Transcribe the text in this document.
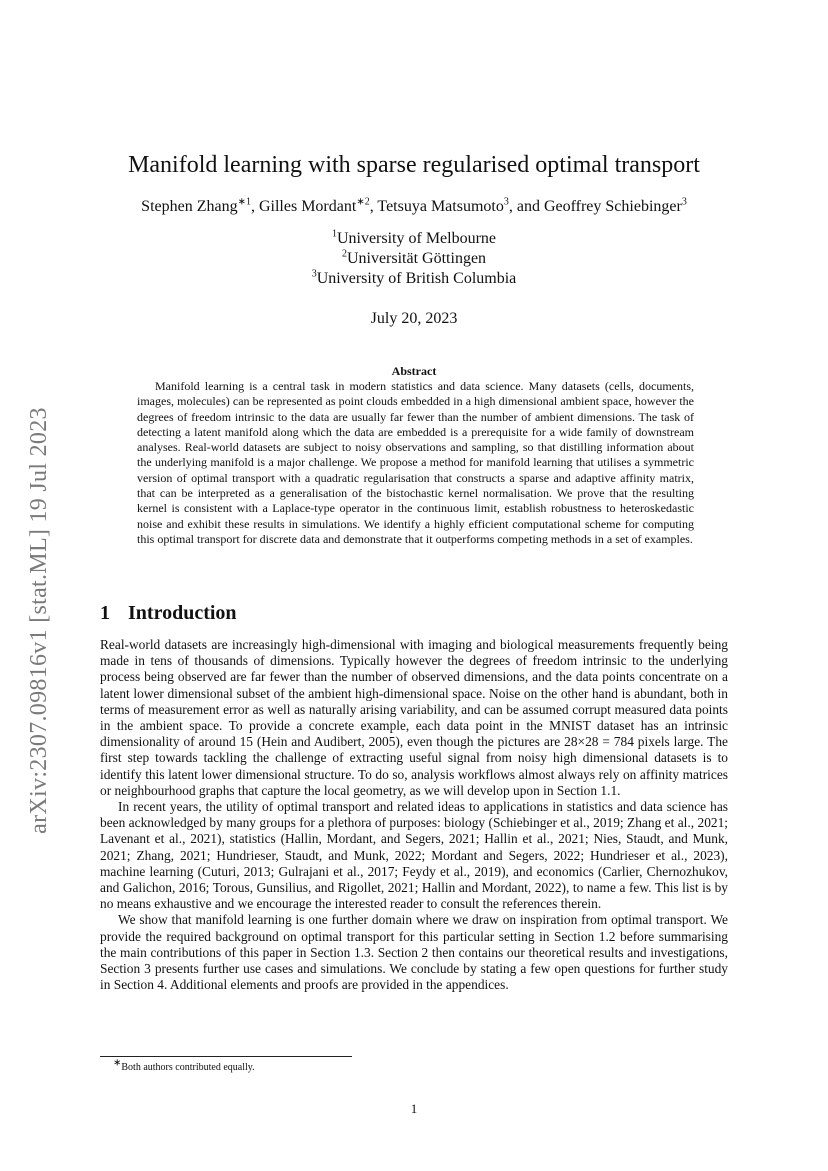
arXiv:2307.09816v1 [stat.ML] 19 Jul 2023
Manifold learning with sparse regularised optimal transport
Stephen Zhang$^{∗1}$, Gilles Mordant$^{∗2}$, Tetsuya Matsumoto$^3$, and Geoffrey Schiebinger$^3$
$^1$University of Melbourne
$^2$Universität Göttingen
$^3$University of British Columbia
July 20, 2023
Abstract

Manifold learning is a central task in modern statistics and data science. Many datasets (cells, documents, images, molecules) can be represented as point clouds embedded in a high dimensional ambient space, however the degrees of freedom intrinsic to the data are usually far fewer than the number of ambient dimensions. The task of detecting a latent manifold along which the data are embedded is a prerequisite for a wide family of downstream analyses. Real-world datasets are subject to noisy observations and sampling, so that distilling information about the underlying manifold is a major challenge. We propose a method for manifold learning that utilises a symmetric version of optimal transport with a quadratic regularisation that constructs a sparse and adaptive affinity matrix, that can be interpreted as a generalisation of the bistochastic kernel normalisation. We prove that the resulting kernel is consistent with a Laplace-type operator in the continuous limit, establish robustness to heteroskedastic noise and exhibit these results in simulations. We identify a highly efficient computational scheme for computing this optimal transport for discrete data and demonstrate that it outperforms competing methods in a set of examples.

1 Introduction

Real-world datasets are increasingly high-dimensional with imaging and biological measurements frequently being made in tens of thousands of dimensions. Typically however the degrees of freedom intrinsic to the underlying process being observed are far fewer than the number of observed dimensions, and the data points concentrate on a latent lower dimensional subset of the ambient high-dimensional space. Noise on the other hand is abundant, both in terms of measurement error as well as naturally arising variability, and can be assumed corrupt measured data points in the ambient space. To provide a concrete example, each data point in the MNIST dataset has an intrinsic dimensionality of around 15 (Hein and Audibert, 2005), even though the pictures are 28×28 = 784 pixels large. The first step towards tackling the challenge of extracting useful signal from noisy high dimensional datasets is to identify this latent lower dimensional structure. To do so, analysis workflows almost always rely on affinity matrices or neighbourhood graphs that capture the local geometry, as we will develop upon in Section 1.1.

In recent years, the utility of optimal transport and related ideas to applications in statistics and data science has been acknowledged by many groups for a plethora of purposes: biology (Schiebinger et al., 2019; Zhang et al., 2021; Lavenant et al., 2021), statistics (Hallin, Mordant, and Segers, 2021; Hallin et al., 2021; Nies, Staudt, and Munk, 2021; Zhang, 2021; Hundrieser, Staudt, and Munk, 2022; Mordant and Segers, 2022; Hundrieser et al., 2023), machine learning (Cuturi, 2013; Gulrajani et al., 2017; Feydy et al., 2019), and economics (Carlier, Chernozhukov, and Galichon, 2016; Torous, Gunsilius, and Rigollet, 2021; Hallin and Mordant, 2022), to name a few. This list is by no means exhaustive and we encourage the interested reader to consult the references therein.

We show that manifold learning is one further domain where we draw on inspiration from optimal transport. We provide the required background on optimal transport for this particular setting in Section 1.2 before summarising the main contributions of this paper in Section 1.3. Section 2 then contains our theoretical results and investigations, Section 3 presents further use cases and simulations. We conclude by stating a few open questions for further study in Section 4. Additional elements and proofs are provided in the appendices.

∗Both authors contributed equally.
1
